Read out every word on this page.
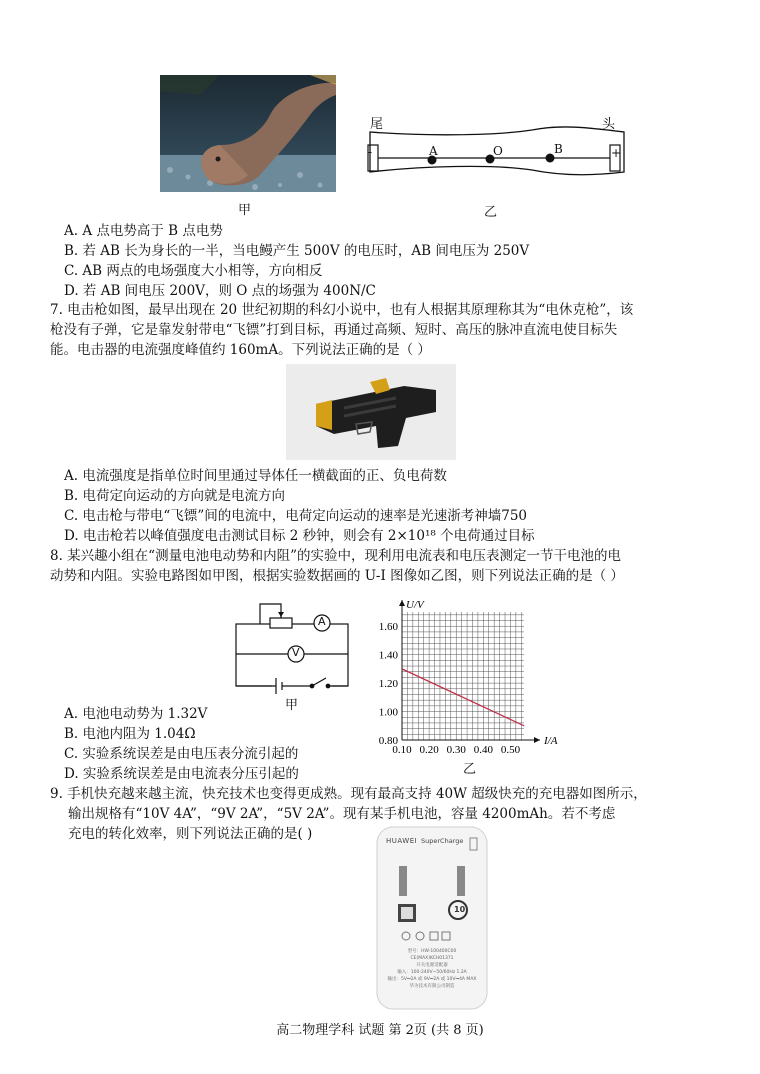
尾	头
A	O	B
-	+
甲	乙
A. A 点电势高于 B 点电势
B. 若 AB 长为身长的一半，当电鳗产生 500V 的电压时，AB 间电压为 250V
C. AB 两点的电场强度大小相等，方向相反
D. 若 AB 间电压 200V，则 O 点的场强为 400N/C
7. 电击枪如图，最早出现在 20 世纪初期的科幻小说中，也有人根据其原理称其为“电休克枪”，该
枪没有子弹，它是靠发射带电“飞镖”打到目标，再通过高频、短时、高压的脉冲直流电使目标失
能。电击器的电流强度峰值约 160mA。下列说法正确的是（ ）
A. 电流强度是指单位时间里通过导体任一横截面的正、负电荷数
B. 电荷定向运动的方向就是电流方向
C. 电击枪与带电“飞镖”间的电流中，电荷定向运动的速率是光速浙考神墙750
D. 电击枪若以峰值强度电击测试目标 2 秒钟，则会有 2×10¹⁸ 个电荷通过目标
8. 某兴趣小组在“测量电池电动势和内阻”的实验中，现利用电流表和电压表测定一节干电池的电
动势和内阻。实验电路图如甲图，根据实验数据画的 U-I 图像如乙图，则下列说法正确的是（ ）
A
V
甲
0.10 0.20 0.30 0.40 0.50
0.80
1.00
1.20
1.40
1.60
U/V
I/A
乙
A. 电池电动势为 1.32V
B. 电池内阻为 1.04Ω
C. 实验系统误差是由电压表分流引起的
D. 实验系统误差是由电流表分压引起的
9. 手机快充越来越主流，快充技术也变得更成熟。现有最高支持 40W 超级快充的充电器如图所示，
输出规格有“10V 4A”，“9V 2A”，“5V 2A”。现有某手机电池，容量 4200mAh。若不考虑
充电的转化效率，则下列说法正确的是( )	HUAWEI SuperCharge
10
型号：HW-100400C00
CE(MAX)KCH01371
开关电源适配器
输入：100-240V~50/60Hz 1.2A
输出：5V⎓2A 或 9V⎓2A 或 10V⎓4A MAX
华为技术有限公司制造
高二物理学科 试题 第 2页 (共 8 页)
